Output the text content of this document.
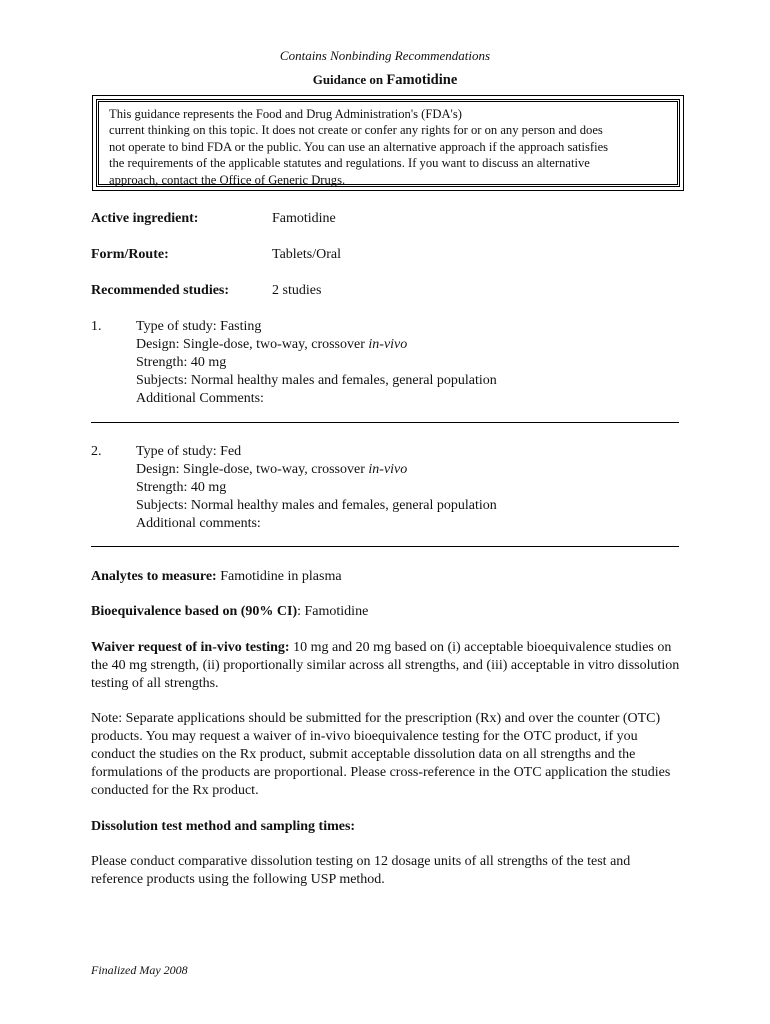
Contains Nonbinding Recommendations
Guidance on Famotidine
This guidance represents the Food and Drug Administration's (FDA's)
current thinking on this topic. It does not create or confer any rights for or on any person and does
not operate to bind FDA or the public. You can use an alternative approach if the approach satisfies
the requirements of the applicable statutes and regulations. If you want to discuss an alternative
approach, contact the Office of Generic Drugs.
Active ingredient:	Famotidine
Form/Route:	Tablets/Oral
Recommended studies:	2 studies
1. Type of study: Fasting
Design: Single-dose, two-way, crossover in-vivo
Strength: 40 mg
Subjects: Normal healthy males and females, general population
Additional Comments:
2. Type of study: Fed
Design: Single-dose, two-way, crossover in-vivo
Strength: 40 mg
Subjects: Normal healthy males and females, general population
Additional comments:
Analytes to measure: Famotidine in plasma
Bioequivalence based on (90% CI): Famotidine
Waiver request of in-vivo testing: 10 mg and 20 mg based on (i) acceptable bioequivalence studies on the 40 mg strength, (ii) proportionally similar across all strengths, and (iii) acceptable in vitro dissolution testing of all strengths.
Note: Separate applications should be submitted for the prescription (Rx) and over the counter (OTC) products. You may request a waiver of in-vivo bioequivalence testing for the OTC product, if you conduct the studies on the Rx product, submit acceptable dissolution data on all strengths and the formulations of the products are proportional. Please cross-reference in the OTC application the studies conducted for the Rx product.
Dissolution test method and sampling times:
Please conduct comparative dissolution testing on 12 dosage units of all strengths of the test and reference products using the following USP method.
Finalized May 2008
